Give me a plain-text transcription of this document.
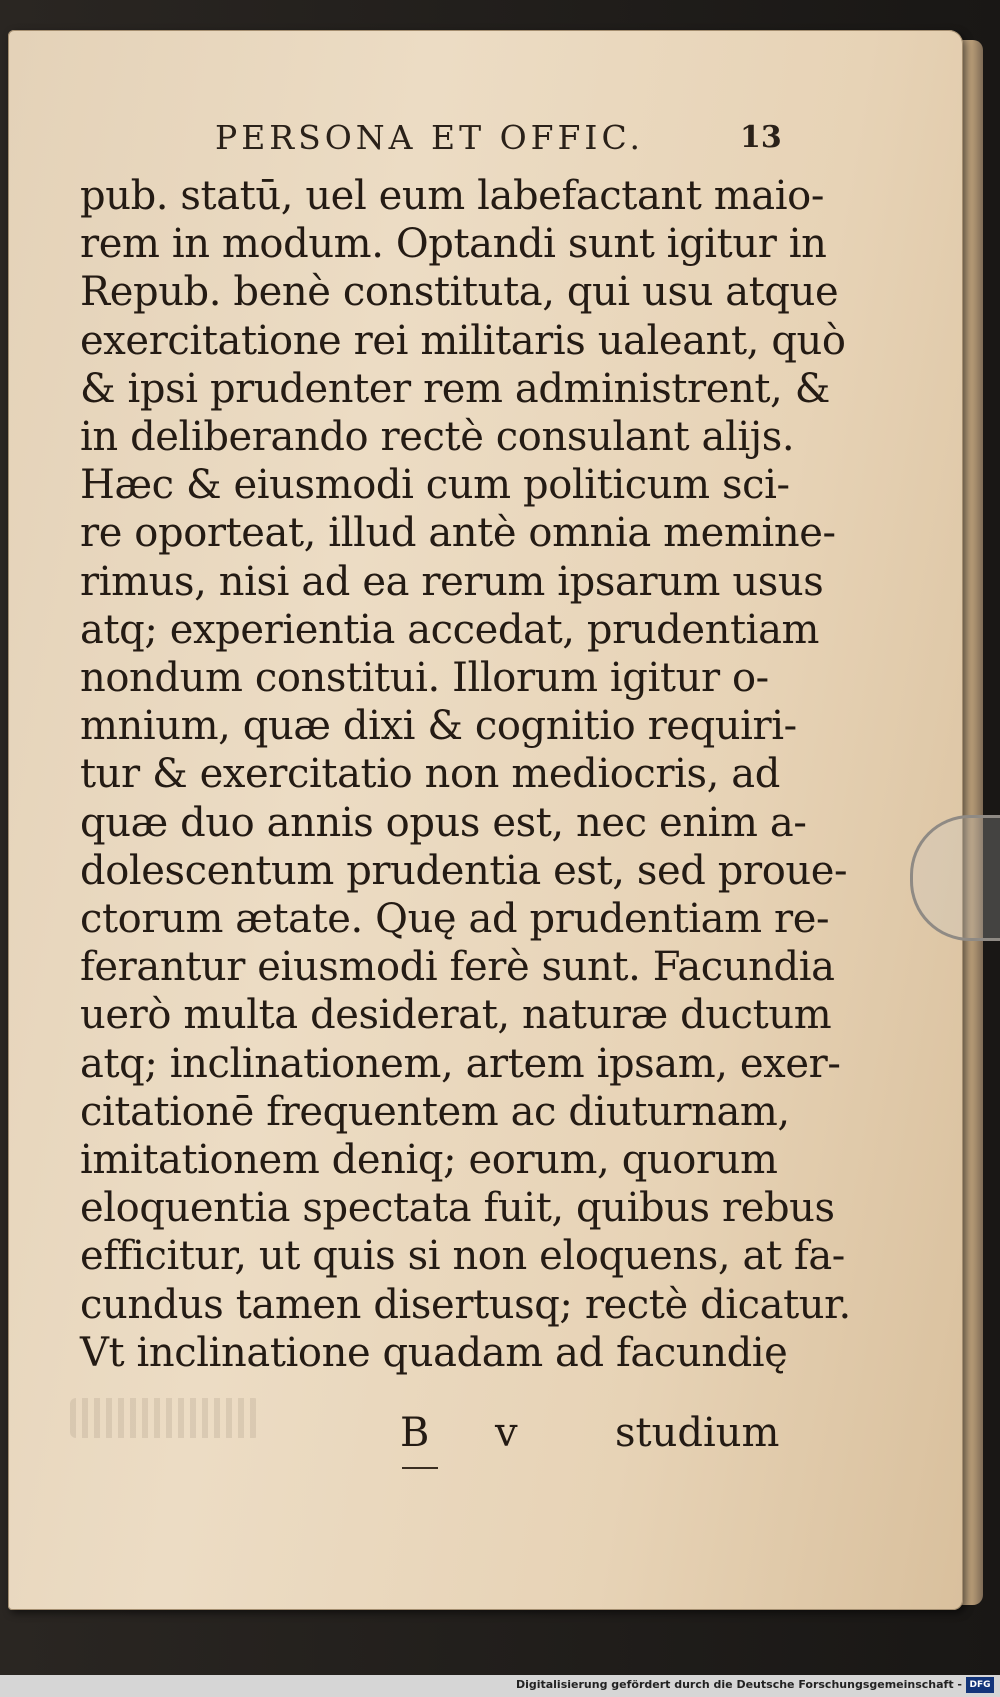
PERSONA ET OFFIC.	13
pub. statū, uel eum labefactant maio-
rem in modum. Optandi sunt igitur in
Repub. benè constituta, qui usu atque
exercitatione rei militaris ualeant, quò
& ipsi prudenter rem administrent, &
in deliberando rectè consulant alijs.
Hæc & eiusmodi cum politicum sci-
re oporteat, illud antè omnia memine-
rimus, nisi ad ea rerum ipsarum usus
atq; experientia accedat, prudentiam
nondum constitui. Illorum igitur o-
mnium, quæ dixi & cognitio requiri-
tur & exercitatio non mediocris, ad
quæ duo annis opus est, nec enim a-
dolescentum prudentia est, sed proue-
ctorum ætate. Quę ad prudentiam re-
ferantur eiusmodi ferè sunt. Facundia
uerò multa desiderat, naturæ ductum
atq; inclinationem, artem ipsam, exer-
citationē frequentem ac diuturnam,
imitationem deniq; eorum, quorum
eloquentia spectata fuit, quibus rebus
efficitur, ut quis si non eloquens, at fa-
cundus tamen disertusq; rectè dicatur.
Vt inclinatione quadam ad facundię
B v studium
Digitalisierung gefördert durch die Deutsche Forschungsgemeinschaft - DFG
